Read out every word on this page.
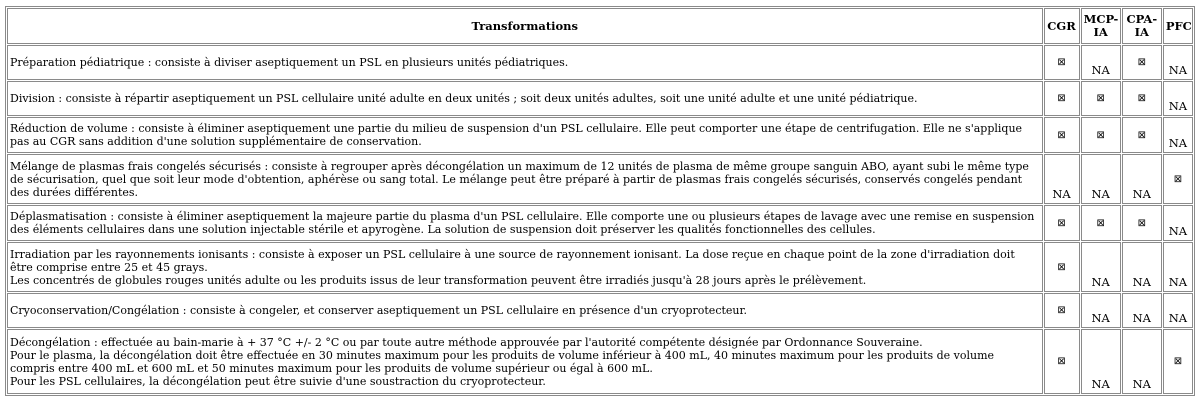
Transformations	CGR	MCP-IA	CPA-IA	PFC

Préparation pédiatrique : consiste à diviser aseptiquement un PSL en plusieurs unités pédiatriques.	⊠	NA	⊠	NA

Division : consiste à répartir aseptiquement un PSL cellulaire unité adulte en deux unités ; soit deux unités adultes, soit une unité adulte et une unité pédiatrique.	⊠	⊠	⊠	NA

Réduction de volume : consiste à éliminer aseptiquement une partie du milieu de suspension d'un PSL cellulaire. Elle peut comporter une étape de centrifugation. Elle ne s'applique pas au CGR sans addition d'une solution supplémentaire de conservation.	⊠	⊠	⊠	NA

Mélange de plasmas frais congelés sécurisés : consiste à regrouper après décongélation un maximum de 12 unités de plasma de même groupe sanguin ABO, ayant subi le même type de sécurisation, quel que soit leur mode d'obtention, aphérèse ou sang total. Le mélange peut être préparé à partir de plasmas frais congelés sécurisés, conservés congelés pendant des durées différentes.	NA	NA	NA	⊠

Déplasmatisation : consiste à éliminer aseptiquement la majeure partie du plasma d'un PSL cellulaire. Elle comporte une ou plusieurs étapes de lavage avec une remise en suspension des éléments cellulaires dans une solution injectable stérile et apyrogène. La solution de suspension doit préserver les qualités fonctionnelles des cellules.	⊠	⊠	⊠	NA

Irradiation par les rayonnements ionisants : consiste à exposer un PSL cellulaire à une source de rayonnement ionisant. La dose reçue en chaque point de la zone d'irradiation doit être comprise entre 25 et 45 grays.
Les concentrés de globules rouges unités adulte ou les produits issus de leur transformation peuvent être irradiés jusqu'à 28 jours après le prélèvement.	⊠	NA	NA	NA

Cryoconservation/Congélation : consiste à congeler, et conserver aseptiquement un PSL cellulaire en présence d'un cryoprotecteur.	⊠	NA	NA	NA

Décongélation : effectuée au bain-marie à + 37 °C +/- 2 °C ou par toute autre méthode approuvée par l'autorité compétente désignée par Ordonnance Souveraine.
Pour le plasma, la décongélation doit être effectuée en 30 minutes maximum pour les produits de volume inférieur à 400 mL, 40 minutes maximum pour les produits de volume compris entre 400 mL et 600 mL et 50 minutes maximum pour les produits de volume supérieur ou égal à 600 mL.
Pour les PSL cellulaires, la décongélation peut être suivie d'une soustraction du cryoprotecteur.	⊠	NA	NA	⊠
